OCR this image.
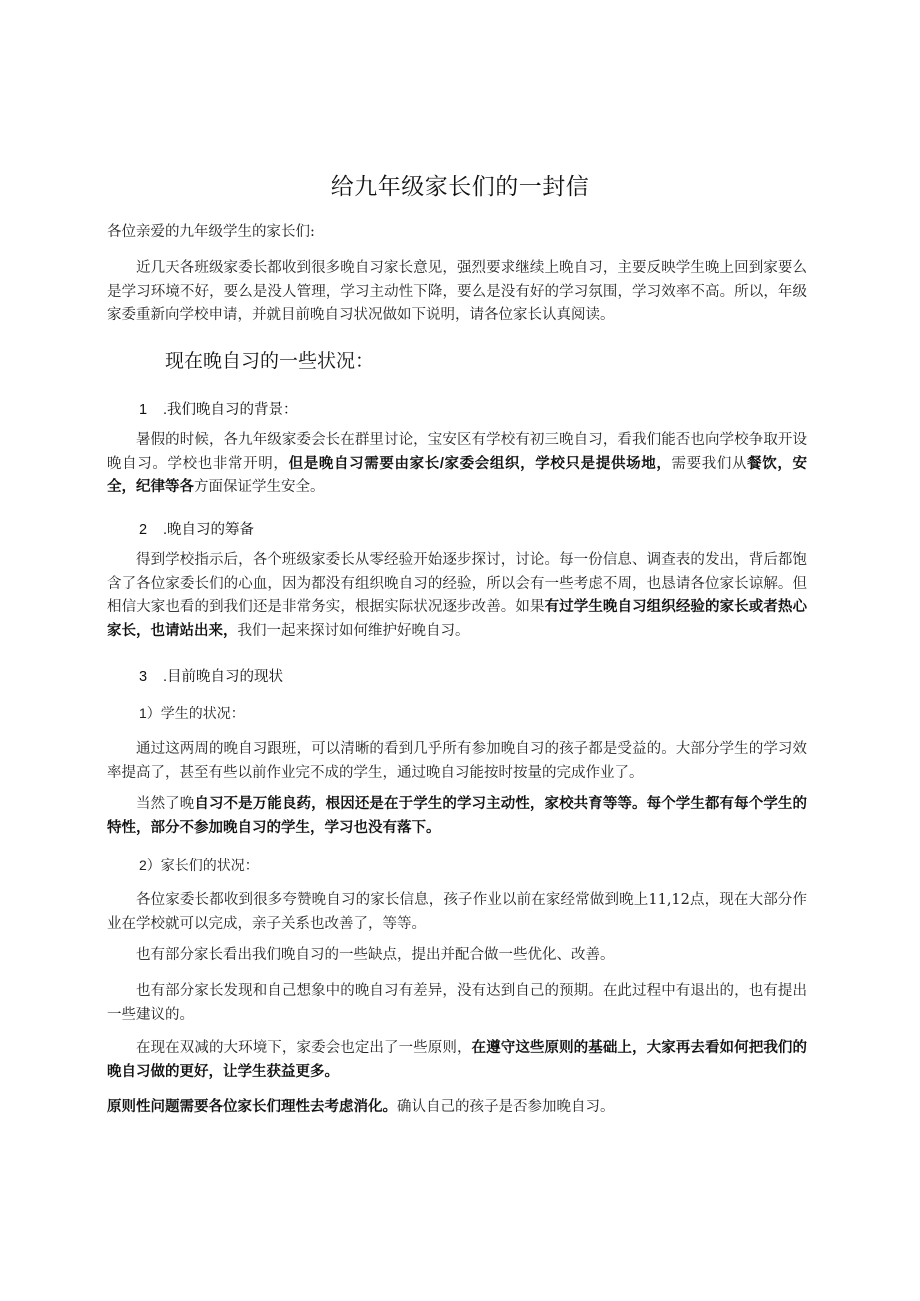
给九年级家长们的一封信
各位亲爱的九年级学生的家长们:

近几天各班级家委长都收到很多晚自习家长意见，强烈要求继续上晚自习，主要反映学生晚上回到家要么是学习环境不好，要么是没人管理，学习主动性下降，要么是没有好的学习氛围，学习效率不高。所以，年级家委重新向学校申请，并就目前晚自习状况做如下说明，请各位家长认真阅读。

现在晚自习的一些状况：
1 .我们晚自习的背景：

暑假的时候，各九年级家委会长在群里讨论，宝安区有学校有初三晚自习，看我们能否也向学校争取开设晚自习。学校也非常开明，但是晚自习需要由家长/家委会组织，学校只是提供场地，需要我们从餐饮，安全，纪律等各方面保证学生安全。

2 .晚自习的筹备

得到学校指示后，各个班级家委长从零经验开始逐步探讨，讨论。每一份信息、调查表的发出，背后都饱含了各位家委长们的心血，因为都没有组织晚自习的经验，所以会有一些考虑不周，也恳请各位家长谅解。但相信大家也看的到我们还是非常务实，根据实际状况逐步改善。如果有过学生晚自习组织经验的家长或者热心家长，也请站出来，我们一起来探讨如何维护好晚自习。

3 .目前晚自习的现状
1）学生的状况：

通过这两周的晚自习跟班，可以清晰的看到几乎所有参加晚自习的孩子都是受益的。大部分学生的学习效率提高了，甚至有些以前作业完不成的学生，通过晚自习能按时按量的完成作业了。

当然了晚自习不是万能良药，根因还是在于学生的学习主动性，家校共育等等。每个学生都有每个学生的特性，部分不参加晚自习的学生，学习也没有落下。

2）家长们的状况：

各位家委长都收到很多夸赞晚自习的家长信息，孩子作业以前在家经常做到晚上11,12点，现在大部分作业在学校就可以完成，亲子关系也改善了，等等。

也有部分家长看出我们晚自习的一些缺点，提出并配合做一些优化、改善。

也有部分家长发现和自己想象中的晚自习有差异，没有达到自己的预期。在此过程中有退出的，也有提出一些建议的。

在现在双减的大环境下，家委会也定出了一些原则，在遵守这些原则的基础上，大家再去看如何把我们的晚自习做的更好，让学生获益更多。

原则性问题需要各位家长们理性去考虑消化。确认自己的孩子是否参加晚自习。
